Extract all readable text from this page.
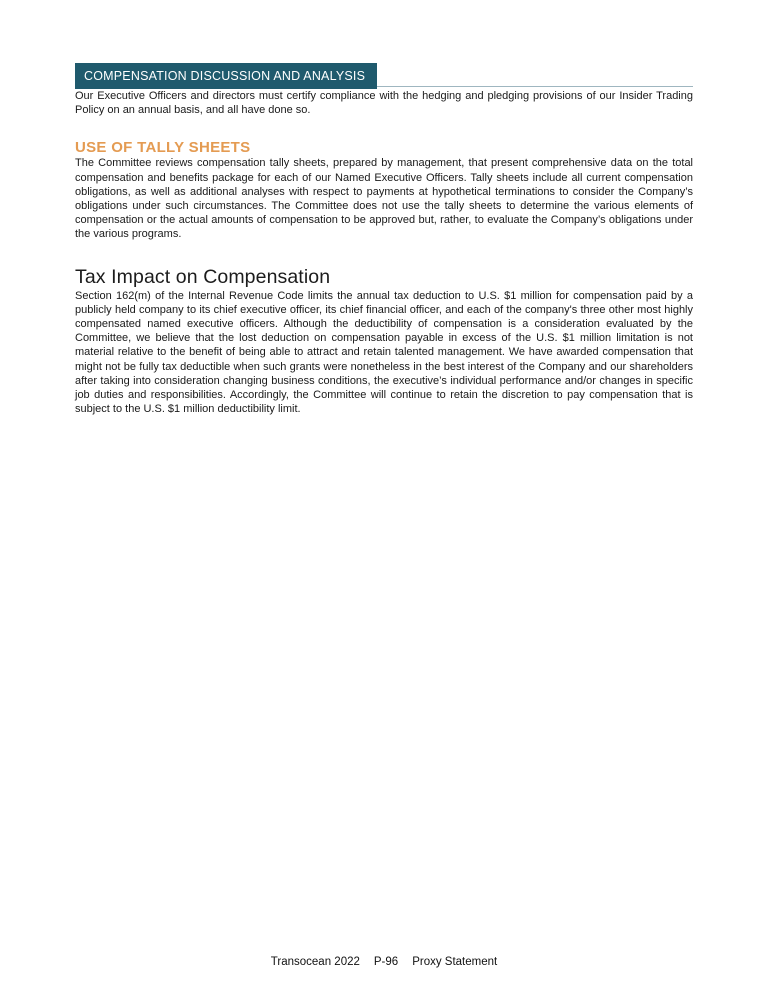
COMPENSATION DISCUSSION AND ANALYSIS

Our Executive Officers and directors must certify compliance with the hedging and pledging provisions of our Insider Trading Policy on an annual basis, and all have done so.

USE OF TALLY SHEETS

The Committee reviews compensation tally sheets, prepared by management, that present comprehensive data on the total compensation and benefits package for each of our Named Executive Officers. Tally sheets include all current compensation obligations, as well as additional analyses with respect to payments at hypothetical terminations to consider the Company’s obligations under such circumstances. The Committee does not use the tally sheets to determine the various elements of compensation or the actual amounts of compensation to be approved but, rather, to evaluate the Company’s obligations under the various programs.

Tax Impact on Compensation

Section 162(m) of the Internal Revenue Code limits the annual tax deduction to U.S. $1 million for compensation paid by a publicly held company to its chief executive officer, its chief financial officer, and each of the company's three other most highly compensated named executive officers. Although the deductibility of compensation is a consideration evaluated by the Committee, we believe that the lost deduction on compensation payable in excess of the U.S. $1 million limitation is not material relative to the benefit of being able to attract and retain talented management. We have awarded compensation that might not be fully tax deductible when such grants were nonetheless in the best interest of the Company and our shareholders after taking into consideration changing business conditions, the executive’s individual performance and/or changes in specific job duties and responsibilities. Accordingly, the Committee will continue to retain the discretion to pay compensation that is subject to the U.S. $1 million deductibility limit.

Transocean 2022 P-96 Proxy Statement
